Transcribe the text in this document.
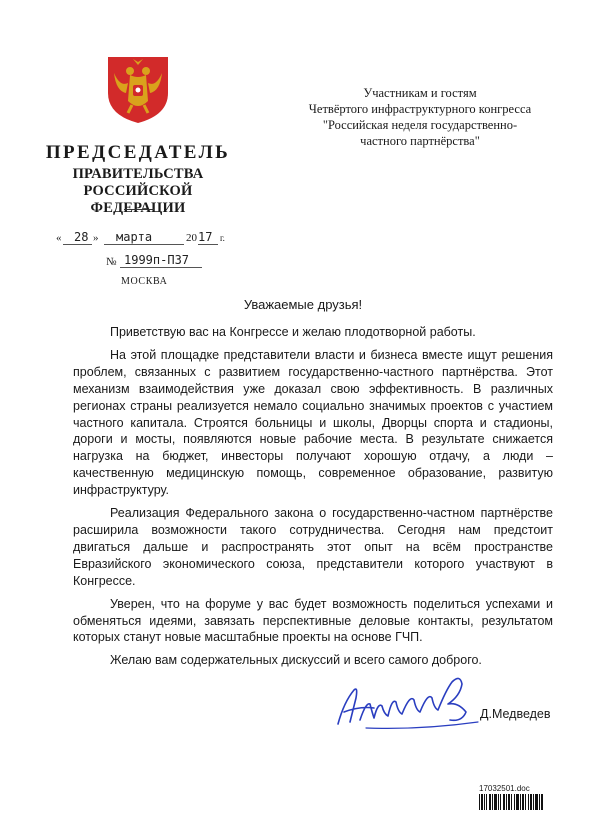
ПРЕДСЕДАТЕЛЬ
ПРАВИТЕЛЬСТВА
РОССИЙСКОЙ ФЕДЕРАЦИИ
« 28 » марта	20 17 г.
№ 1999п-П37
МОСКВА
Участникам и гостям
Четвёртого инфраструктурного конгресса
"Российская неделя государственно-
частного партнёрства"
Уважаемые друзья!

Приветствую вас на Конгрессе и желаю плодотворной работы.

На этой площадке представители власти и бизнеса вместе ищут решения проблем, связанных с развитием государственно-частного партнёрства. Этот механизм взаимодействия уже доказал свою эффективность. В различных регионах страны реализуется немало социально значимых проектов с участием частного капитала. Строятся больницы и школы, Дворцы спорта и стадионы, дороги и мосты, появляются новые рабочие места. В результате снижается нагрузка на бюджет, инвесторы получают хорошую отдачу, а люди – качественную медицинскую помощь, современное образование, развитую инфраструктуру.

Реализация Федерального закона о государственно-частном партнёрстве расширила возможности такого сотрудничества. Сегодня нам предстоит двигаться дальше и распространять этот опыт на всём пространстве Евразийского экономического союза, представители которого участвуют в Конгрессе.

Уверен, что на форуме у вас будет возможность поделиться успехами и обменяться идеями, завязать перспективные деловые контакты, результатом которых станут новые масштабные проекты на основе ГЧП.

Желаю вам содержательных дискуссий и всего самого доброго.

Д.Медведев
17032501.doc
